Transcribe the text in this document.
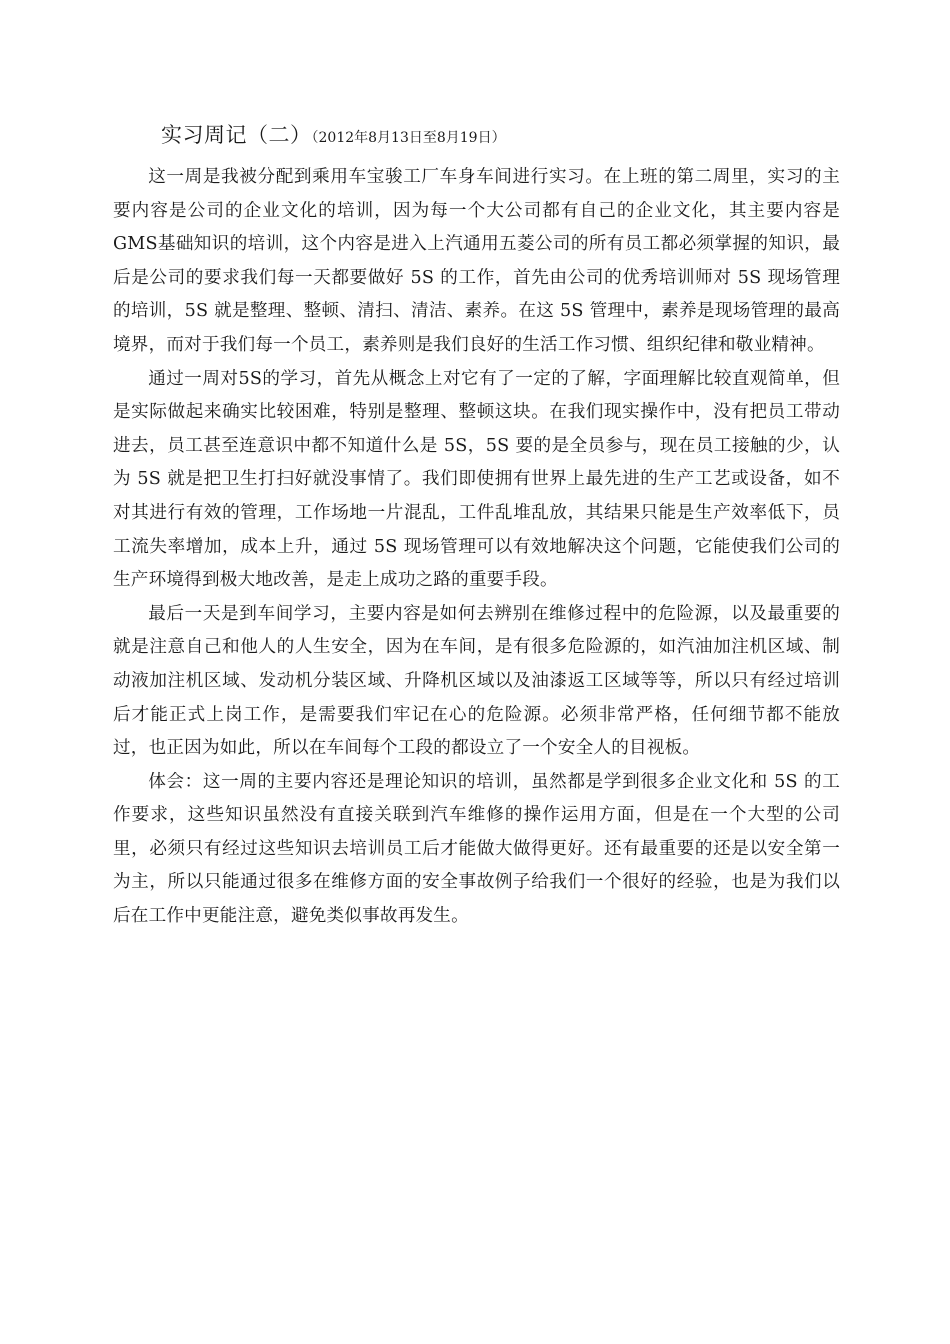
实习周记（二）（2012年8月13日至8月19日）

这一周是我被分配到乘用车宝骏工厂车身车间进行实习。在上班的第二周里，实习的主要内容是公司的企业文化的培训，因为每一个大公司都有自己的企业文化，其主要内容是GMS基础知识的培训，这个内容是进入上汽通用五菱公司的所有员工都必须掌握的知识，最后是公司的要求我们每一天都要做好 5S 的工作，首先由公司的优秀培训师对 5S 现场管理的培训，5S 就是整理、整顿、清扫、清洁、素养。在这 5S 管理中，素养是现场管理的最高境界，而对于我们每一个员工，素养则是我们良好的生活工作习惯、组织纪律和敬业精神。

通过一周对5S的学习，首先从概念上对它有了一定的了解，字面理解比较直观简单，但是实际做起来确实比较困难，特别是整理、整顿这块。在我们现实操作中，没有把员工带动进去，员工甚至连意识中都不知道什么是 5S，5S 要的是全员参与，现在员工接触的少，认为 5S 就是把卫生打扫好就没事情了。我们即使拥有世界上最先进的生产工艺或设备，如不对其进行有效的管理，工作场地一片混乱，工件乱堆乱放，其结果只能是生产效率低下，员工流失率增加，成本上升，通过 5S 现场管理可以有效地解决这个问题，它能使我们公司的生产环境得到极大地改善，是走上成功之路的重要手段。

最后一天是到车间学习，主要内容是如何去辨别在维修过程中的危险源，以及最重要的就是注意自己和他人的人生安全，因为在车间，是有很多危险源的，如汽油加注机区域、制动液加注机区域、发动机分装区域、升降机区域以及油漆返工区域等等，所以只有经过培训后才能正式上岗工作，是需要我们牢记在心的危险源。必须非常严格，任何细节都不能放过，也正因为如此，所以在车间每个工段的都设立了一个安全人的目视板。

体会：这一周的主要内容还是理论知识的培训，虽然都是学到很多企业文化和 5S 的工作要求，这些知识虽然没有直接关联到汽车维修的操作运用方面，但是在一个大型的公司里，必须只有经过这些知识去培训员工后才能做大做得更好。还有最重要的还是以安全第一为主，所以只能通过很多在维修方面的安全事故例子给我们一个很好的经验，也是为我们以后在工作中更能注意，避免类似事故再发生。
